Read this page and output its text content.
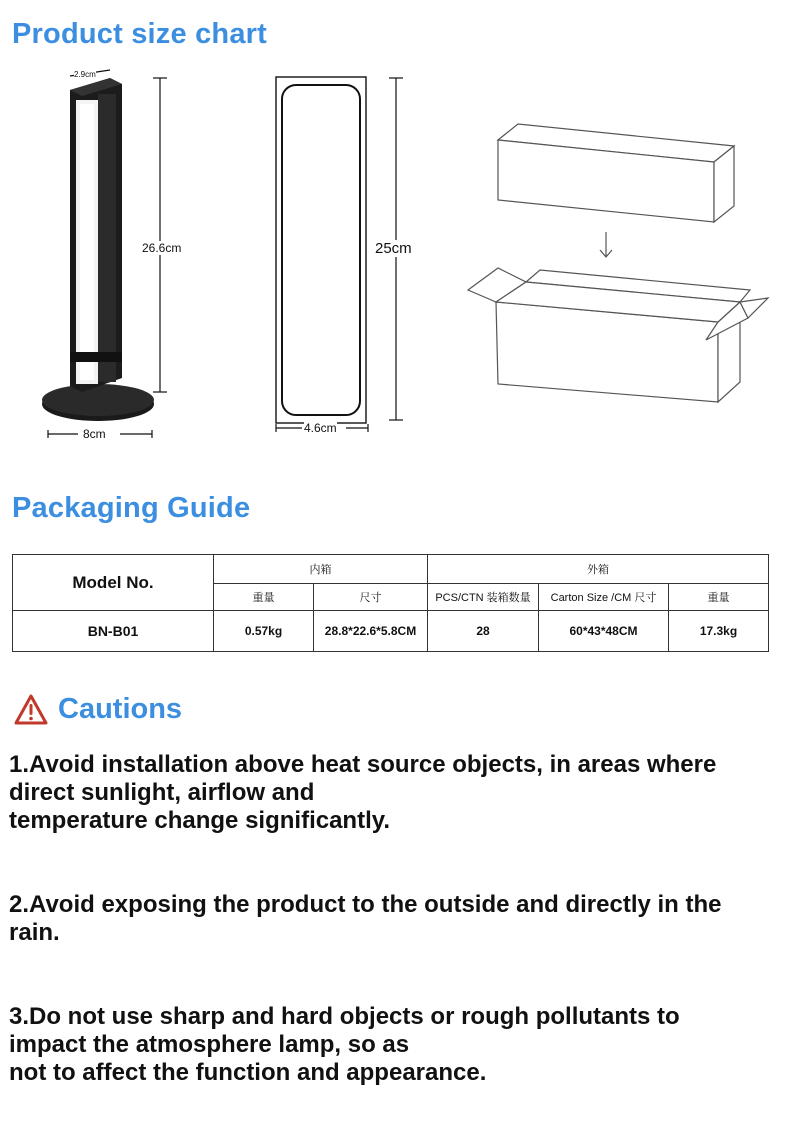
Product size chart
2.9cm
26.6cm
8cm
25cm
4.6cm
Packaging Guide
Model No.	内箱		外箱		
	重量	尺寸	PCS/CTN 装箱数量	Carton Size /CM 尺寸	重量
BN-B01	0.57kg	28.8*22.6*5.8CM	28	60*43*48CM	17.3kg
Cautions

1.Avoid installation above heat source objects, in areas where
direct sunlight, airflow and
temperature change significantly.

2.Avoid exposing the product to the outside and directly in the
rain.

3.Do not use sharp and hard objects or rough pollutants to
impact the atmosphere lamp, so as
not to affect the function and appearance.
